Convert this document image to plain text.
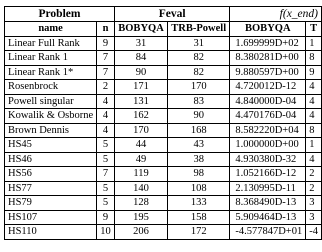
Problem		Feval		f(x_end)	
name	n	BOBYQA	TRB-Powell	BOBYQA	T
Linear Full Rank	9	31	31	1.699999D+02	1
Linear Rank 1	7	84	82	8.380281D+00	8
Linear Rank 1*	7	90	82	9.880597D+00	9
Rosenbrock	2	171	170	4.720012D-12	4
Powell singular	4	131	83	4.840000D-04	4
Kowalik & Osborne	4	162	90	4.470176D-04	4
Brown Dennis	4	170	168	8.582220D+04	8
HS45	5	44	43	1.000000D+00	1
HS46	5	49	38	4.930380D-32	4
HS56	7	119	98	1.052166D-12	2
HS77	5	140	108	2.130995D-11	2
HS79	5	128	133	8.368490D-13	3
HS107	9	195	158	5.909464D-13	3
HS110	10	206	172	-4.577847D+01	-4
